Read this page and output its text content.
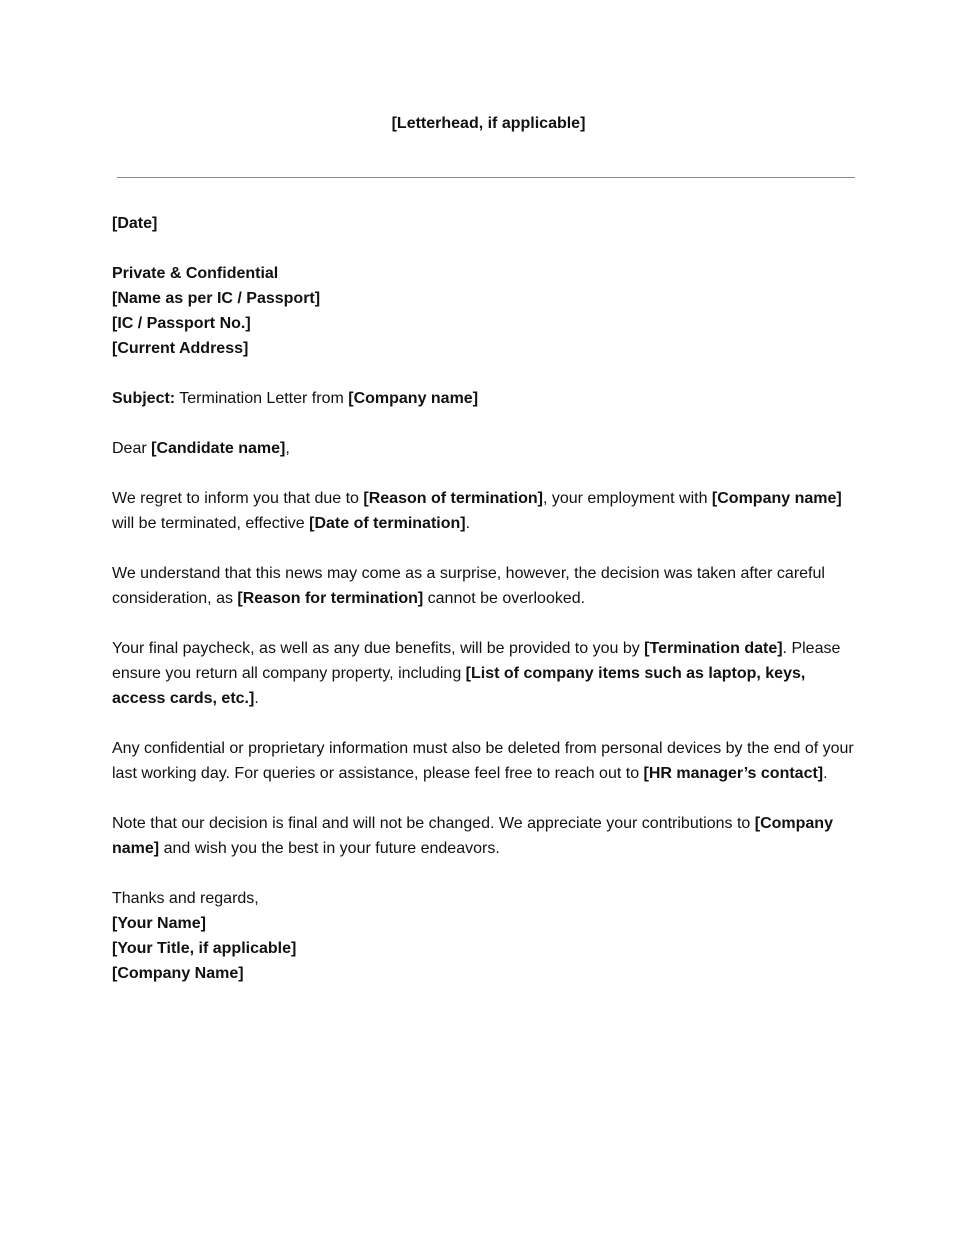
[Letterhead, if applicable]

[Date]

Private & Confidential

[Name as per IC / Passport]

[IC / Passport No.]

[Current Address]

Subject: Termination Letter from [Company name]

Dear [Candidate name],

We regret to inform you that due to [Reason of termination], your employment with [Company name] will be terminated, effective [Date of termination].

We understand that this news may come as a surprise, however, the decision was taken after careful consideration, as [Reason for termination] cannot be overlooked.

Your final paycheck, as well as any due benefits, will be provided to you by [Termination date]. Please ensure you return all company property, including [List of company items such as laptop, keys, access cards, etc.].

Any confidential or proprietary information must also be deleted from personal devices by the end of your last working day. For queries or assistance, please feel free to reach out to [HR manager’s contact].

Note that our decision is final and will not be changed. We appreciate your contributions to [Company name] and wish you the best in your future endeavors.

Thanks and regards,

[Your Name]

[Your Title, if applicable]

[Company Name]
